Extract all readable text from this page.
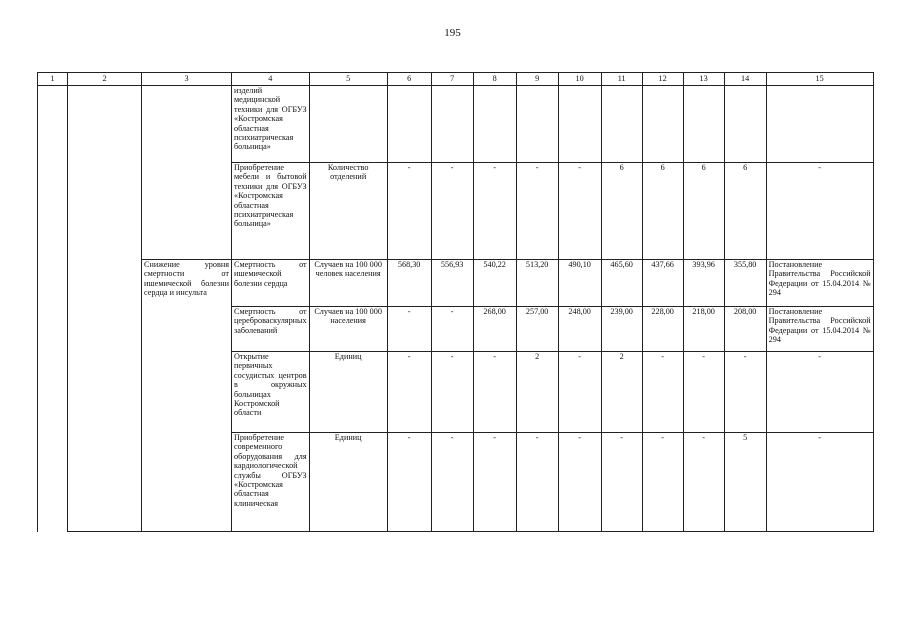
195
1	2	3	4	5	6	7	8	9	10	11	12	13	14	15
			изделий медицинской техники для ОГБУЗ «Костромская областная психиатрическая больница»											
			Приобретение мебели и бытовой техники для ОГБУЗ «Костромская областная психиатрическая больница»	Количество отделений	-	-	-	-	-	6	6	6	6	-
		Снижение уровня смертности от ишемической болезни сердца и инсульта	Смертность от ишемической болезни сердца	Случаев на 100 000 человек населения	568,30	556,93	540,22	513,20	490,10	465,60	437,66	393,96	355,80	Постановление Правительства Российской Федерации от 15.04.2014 № 294
			Смертность от цереброваскулярных заболеваний	Случаев на 100 000 населения	-	-	268,00	257,00	248,00	239,00	228,00	218,00	208,00	Постановление Правительства Российской Федерации от 15.04.2014 № 294
			Открытие первичных сосудистых центров в окружных больницах Костромской области	Единиц	-	-	-	2	-	2	-	-	-	-
			Приобретение современного оборудования для кардиологической службы ОГБУЗ «Костромская областная клиническая	Единиц	-	-	-	-	-	-	-	-	5	-
